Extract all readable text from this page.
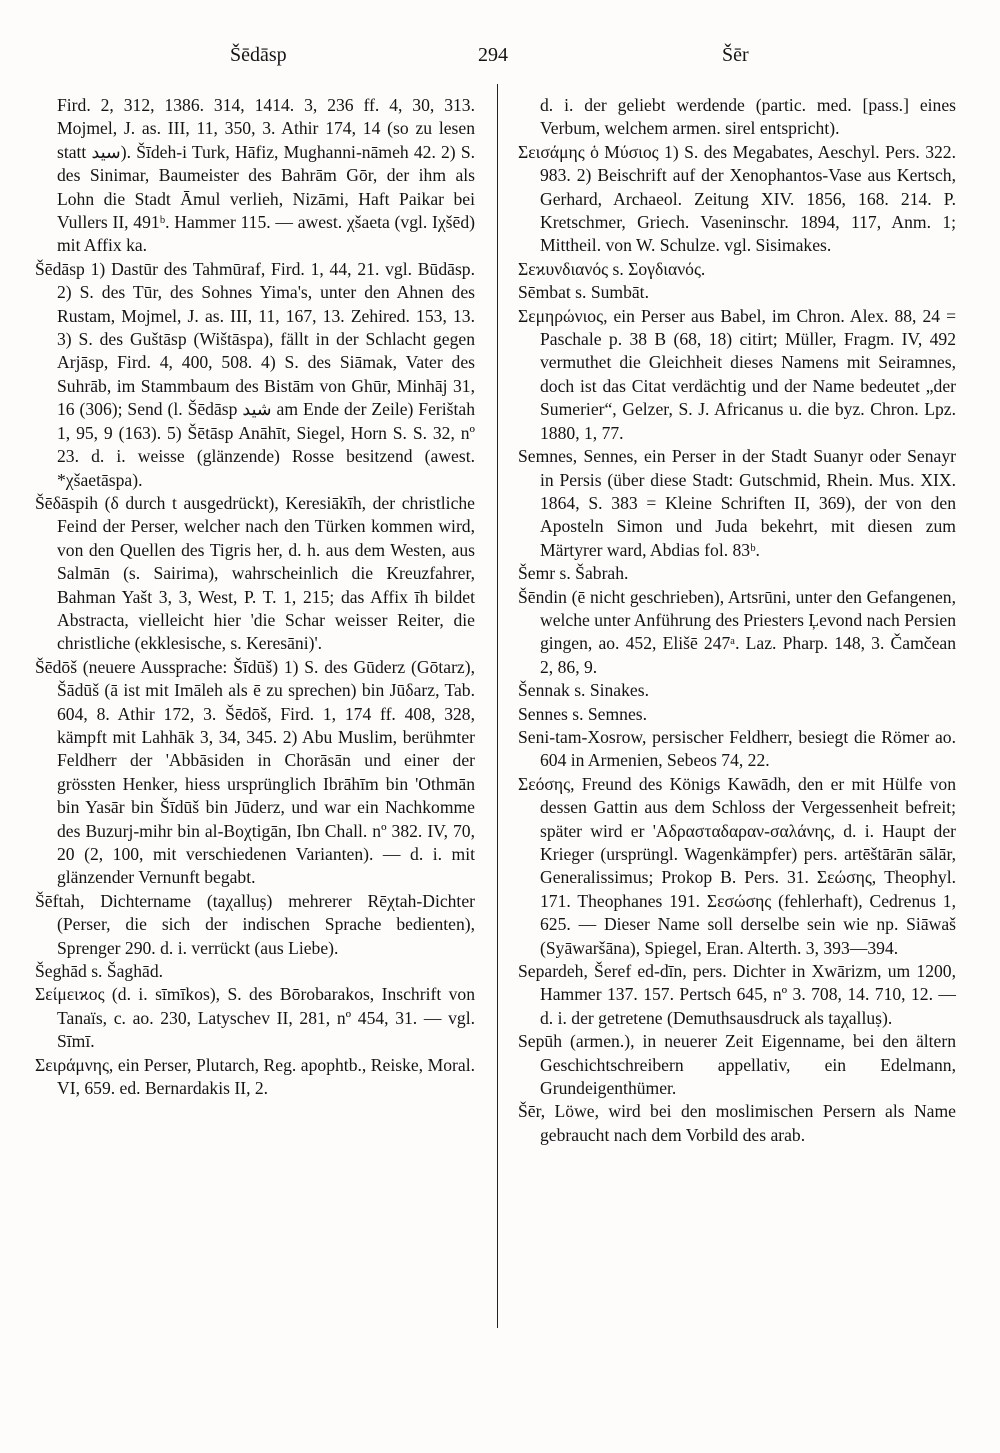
Šēdāsp	294	Šēr

Fird. 2, 312, 1386. 314, 1414. 3, 236 ff. 4, 30, 313. Mojmel, J. as. III, 11, 350, 3. Athir 174, 14 (so zu lesen statt ﺳﻴﺪ). Šīdeh-i Turk, Hāfiz, Mughanni-nāmeh 42. 2) S. des Sinimar, Baumeister des Bahrām Gōr, der ihm als Lohn die Stadt Āmul verlieh, Nizāmi, Haft Paikar bei Vullers II, 491ᵇ. Hammer 115. — awest. χšaeta (vgl. Iχšēd) mit Affix ka.

Šēdāsp 1) Dastūr des Tahmūraf, Fird. 1, 44, 21. vgl. Būdāsp. 2) S. des Tūr, des Sohnes Yima's, unter den Ahnen des Rustam, Mojmel, J. as. III, 11, 167, 13. Zehired. 153, 13. 3) S. des Guštāsp (Wištāspa), fällt in der Schlacht gegen Arjāsp, Fird. 4, 400, 508. 4) S. des Siāmak, Vater des Suhrāb, im Stammbaum des Bistām von Ghūr, Minhāj 31, 16 (306); Send (l. Šēdāsp ﺷﻴﺪ am Ende der Zeile) Ferištah 1, 95, 9 (163). 5) Šētāsp Anāhīt, Siegel, Horn S. S. 32, nº 23. d. i. weisse (glänzende) Rosse besitzend (awest. *χšaetāspa).

Šēδāspih (δ durch t ausgedrückt), Keresiākīh, der christliche Feind der Perser, welcher nach den Türken kommen wird, von den Quellen des Tigris her, d. h. aus dem Westen, aus Salmān (s. Sairima), wahrscheinlich die Kreuzfahrer, Bahman Yašt 3, 3, West, P. T. 1, 215; das Affix īh bildet Abstracta, vielleicht hier 'die Schar weisser Reiter, die christliche (ekklesische, s. Keresāni)'.

Šēdōš (neuere Aussprache: Šīdūš) 1) S. des Gūderz (Gōtarz), Šādūš (ā ist mit Imāleh als ē zu sprechen) bin Jūδarz, Tab. 604, 8. Athir 172, 3. Šēdōš, Fird. 1, 174 ff. 408, 328, kämpft mit Lahhāk 3, 34, 345. 2) Abu Muslim, berühmter Feldherr der 'Abbāsiden in Chorāsān und einer der grössten Henker, hiess ursprünglich Ibrāhīm bin 'Othmān bin Yasār bin Šīdūš bin Jūderz, und war ein Nachkomme des Buzurj-mihr bin al-Boχtigān, Ibn Chall. nº 382. IV, 70, 20 (2, 100, mit verschiedenen Varianten). — d. i. mit glänzender Vernunft begabt.

Šēftah, Dichtername (taχalluṣ) mehrerer Rēχtah-Dichter (Perser, die sich der indischen Sprache bedienten), Sprenger 290. d. i. verrückt (aus Liebe).

Šeghād s. Šaghād.

Σείμειϰος (d. i. sīmīkos), S. des Bōrobarakos, Inschrift von Tanaïs, c. ao. 230, Latyschev II, 281, nº 454, 31. — vgl. Sīmī.

Σειράμνης, ein Perser, Plutarch, Reg. apophtb., Reiske, Moral. VI, 659. ed. Bernardakis II, 2.

d. i. der geliebt werdende (partic. med. [pass.] eines Verbum, welchem armen. sirel entspricht).

Σεισάμης ὁ Μύσιος 1) S. des Megabates, Aeschyl. Pers. 322. 983. 2) Beischrift auf der Xenophantos-Vase aus Kertsch, Gerhard, Archaeol. Zeitung XIV. 1856, 168. 214. P. Kretschmer, Griech. Vaseninschr. 1894, 117, Anm. 1; Mittheil. von W. Schulze. vgl. Sisimakes.

Σεϰυνδιανός s. Σογδιανός.

Sēmbat s. Sumbāt.

Σεμηρώνιος, ein Perser aus Babel, im Chron. Alex. 88, 24 = Paschale p. 38 B (68, 18) citirt; Müller, Fragm. IV, 492 vermuthet die Gleichheit dieses Namens mit Seiramnes, doch ist das Citat verdächtig und der Name bedeutet „der Sumerier“, Gelzer, S. J. Africanus u. die byz. Chron. Lpz. 1880, 1, 77.

Semnes, Sennes, ein Perser in der Stadt Suanyr oder Senayr in Persis (über diese Stadt: Gutschmid, Rhein. Mus. XIX. 1864, S. 383 = Kleine Schriften II, 369), der von den Aposteln Simon und Juda bekehrt, mit diesen zum Märtyrer ward, Abdias fol. 83ᵇ.

Šemr s. Šabrah.

Šēndin (ē nicht geschrieben), Artsrūni, unter den Gefangenen, welche unter Anführung des Priesters Ļevond nach Persien gingen, ao. 452, Elišē 247ᵃ. Laz. Pharp. 148, 3. Čamčean 2, 86, 9.

Šennak s. Sinakes.

Sennes s. Semnes.

Seni-tam-Xosrow, persischer Feldherr, besiegt die Römer ao. 604 in Armenien, Sebeos 74, 22.

Σεόσης, Freund des Königs Kawādh, den er mit Hülfe von dessen Gattin aus dem Schloss der Vergessenheit befreit; später wird er 'Αδρασταδαραν-σαλάνης, d. i. Haupt der Krieger (ursprüngl. Wagenkämpfer) pers. artēštārān sālār, Generalissimus; Prokop B. Pers. 31. Σεώσης, Theophyl. 171. Theophanes 191. Σεσώσης (fehlerhaft), Cedrenus 1, 625. — Dieser Name soll derselbe sein wie np. Siāwaš (Syāwaršāna), Spiegel, Eran. Alterth. 3, 393—394.

Separdeh, Šeref ed-dīn, pers. Dichter in Xwārizm, um 1200, Hammer 137. 157. Pertsch 645, nº 3. 708, 14. 710, 12. — d. i. der getretene (Demuthsausdruck als taχalluṣ).

Sepūh (armen.), in neuerer Zeit Eigenname, bei den ältern Geschichtschreibern appellativ, ein Edelmann, Grundeigenthümer.

Šēr, Löwe, wird bei den moslimischen Persern als Name gebraucht nach dem Vorbild des arab.
